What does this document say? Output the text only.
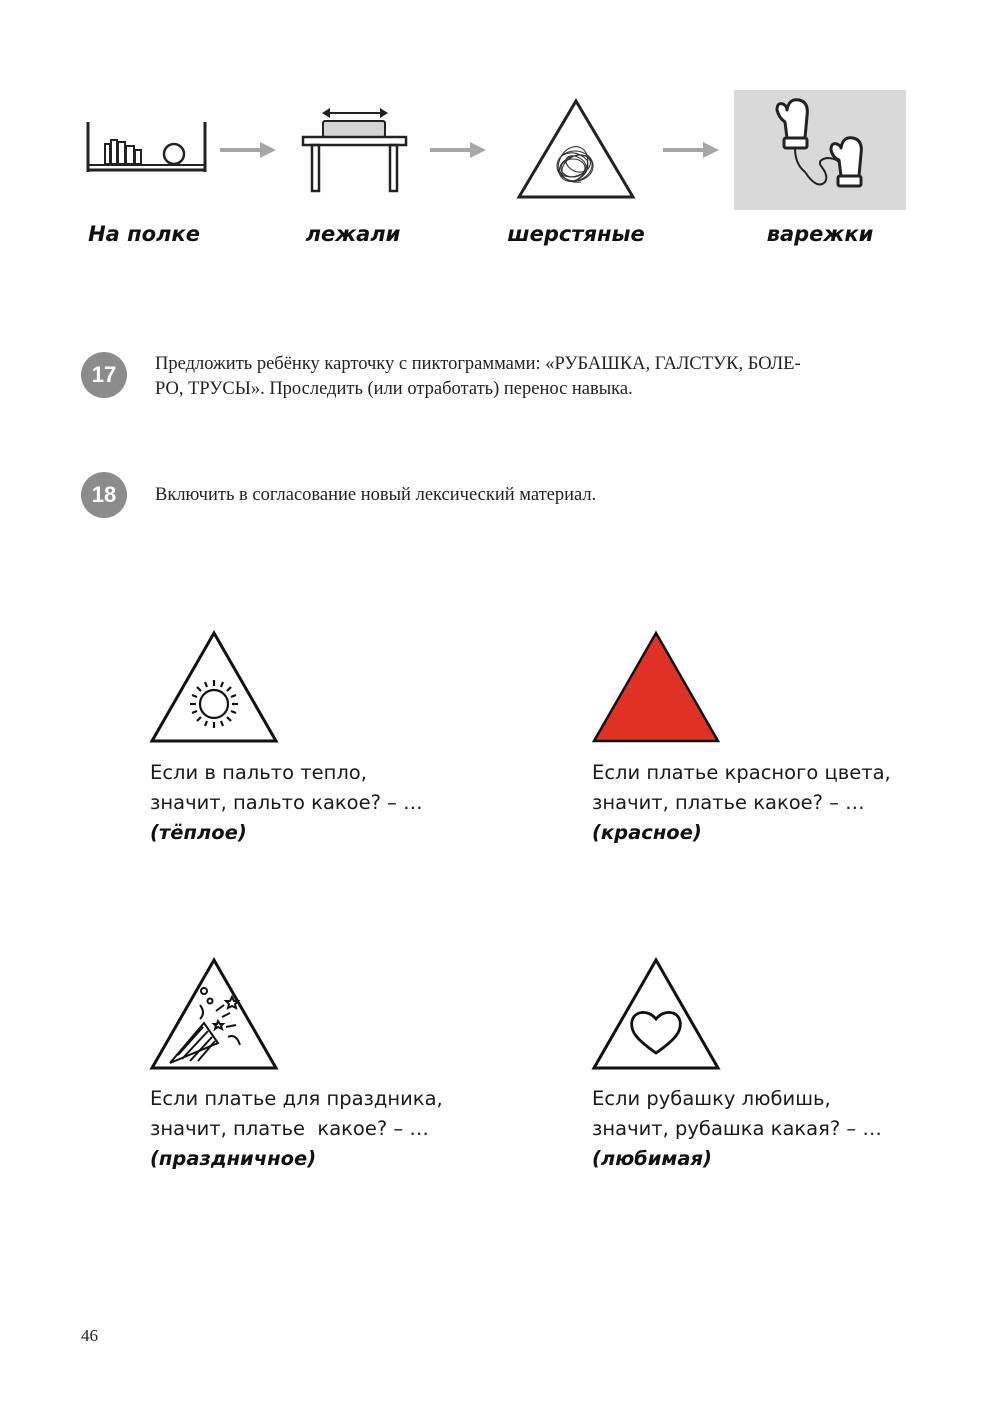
На полке	лежали	шерстяные	варежки
17	Предложить ребёнку карточку с пиктограммами: «РУБАШКА, ГАЛСТУК, БОЛЕ-
РО, ТРУСЫ». Проследить (или отработать) перенос навыка.
18	Включить в согласование новый лексический материал.
Если в пальто тепло,
значит, пальто какое? – …
(тёплое)
Если платье красного цвета,
значит, платье какое? – …
(красное)
Если платье для праздника,
значит, платье  какое? – …
(праздничное)
Если рубашку любишь,
значит, рубашка какая? – …
(любимая)
46
